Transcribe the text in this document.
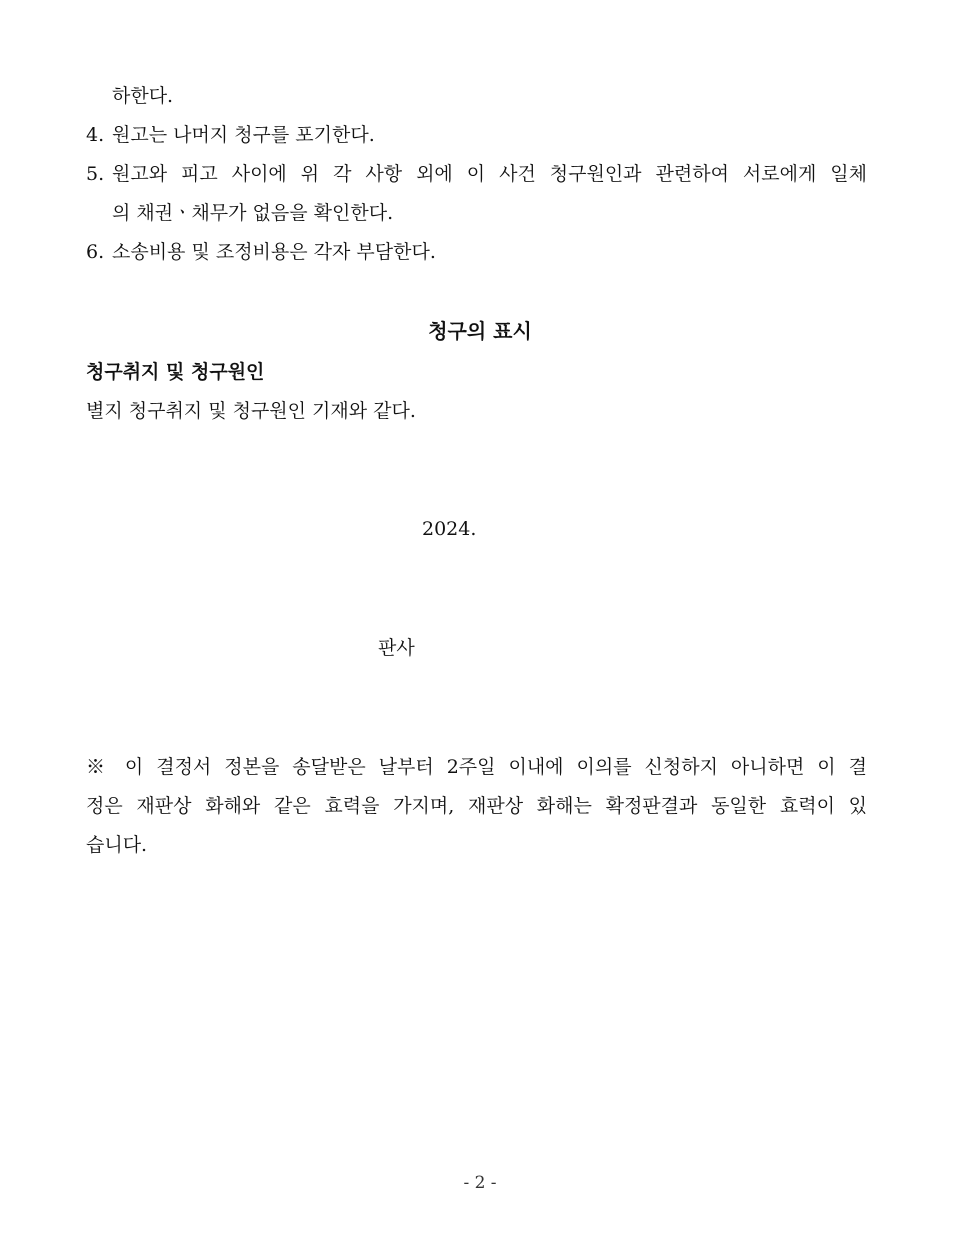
하한다.
4. 원고는 나머지 청구를 포기한다.
5. 원고와 피고 사이에 위 각 사항 외에 이 사건 청구원인과 관련하여 서로에게 일체
의 채권ㆍ채무가 없음을 확인한다.
6. 소송비용 및 조정비용은 각자 부담한다.
청구의 표시
청구취지 및 청구원인
별지 청구취지 및 청구원인 기재와 같다.
2024.
판사
※ 이 결정서 정본을 송달받은 날부터 2주일 이내에 이의를 신청하지 아니하면 이 결
정은 재판상 화해와 같은 효력을 가지며, 재판상 화해는 확정판결과 동일한 효력이 있
습니다.
- 2 -
